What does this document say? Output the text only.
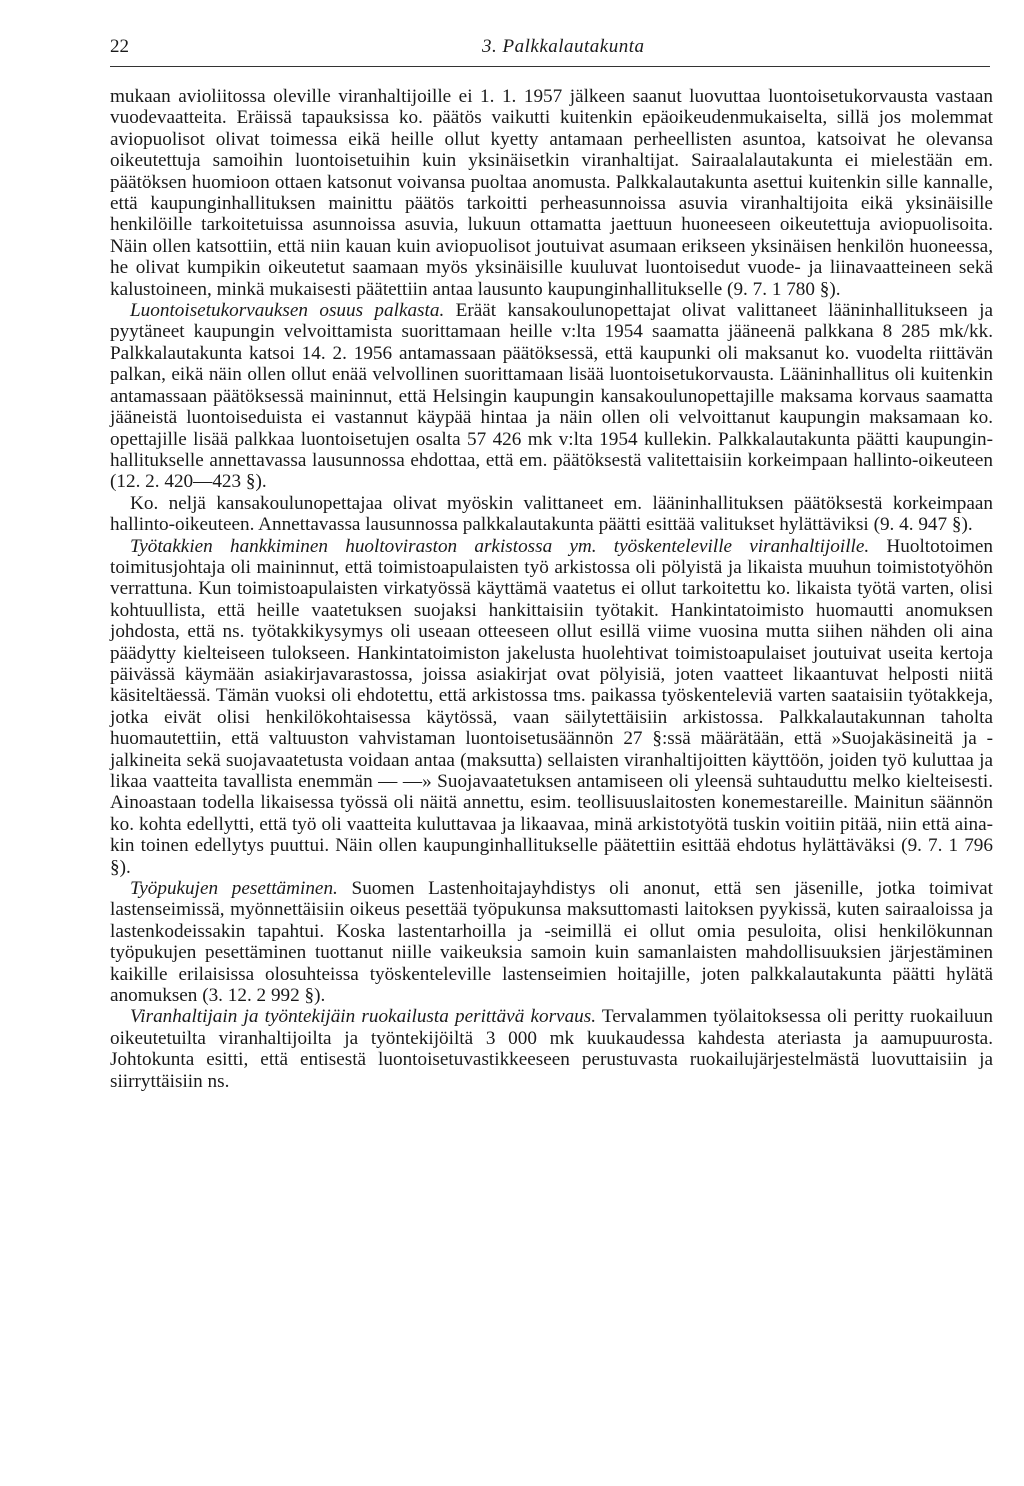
22	3. Palkkalautakunta

mukaan avioliitossa oleville viranhaltijoille ei 1. 1. 1957 jälkeen saanut luovuttaa luontoisetukorvausta vastaan vuodevaatteita. Eräissä tapauksissa ko. päätös vaikutti kuitenkin epäoikeudenmukaiselta, sillä jos molemmat aviopuolisot olivat toimessa eikä heille ollut kyetty antamaan perheellisten asuntoa, katsoivat he olevansa oikeutettuja samoihin luontoisetuihin kuin yksinäisetkin viranhaltijat. Sairaalalautakunta ei mielestään em. päätöksen huomioon ottaen katsonut voivansa puoltaa anomusta. Palkkalautakunta asettui kuitenkin sille kannalle, että kaupunginhallituksen mainittu päätös tarkoitti perheasunnoissa asuvia viranhaltijoita eikä yksinäisille henkilöille tarkoitetuissa asunnoissa asuvia, lukuun ottamatta jaettuun huoneeseen oikeutettuja aviopuolisoita. Näin ollen katsottiin, että niin kauan kuin aviopuolisot joutuivat asumaan erikseen yksinäisen henkilön huoneessa, he olivat kumpikin oikeutetut saamaan myös yksinäisille kuuluvat luontoisedut vuode- ja liinavaatteineen sekä kalustoineen, minkä mukaisesti päätettiin antaa lausunto kaupunginhallitukselle (9. 7. 1 780 §).

Luontoisetukorvauksen osuus palkasta. Eräät kansakoulunopettajat olivat valittaneet lääninhallitukseen ja pyytäneet kaupungin velvoittamista suorittamaan heille v:lta 1954 saamatta jääneenä palkkana 8 285 mk/kk. Palkkalautakunta katsoi 14. 2. 1956 antamassaan päätöksessä, että kaupunki oli maksanut ko. vuodelta riittävän palkan, eikä näin ollen ollut enää velvollinen suorittamaan lisää luontoisetukorvausta. Lääninhallitus oli kuitenkin antamassaan päätöksessä maininnut, että Helsingin kaupungin kansakoulunopettajille maksama korvaus saamatta jääneistä luontoiseduista ei vastannut käypää hintaa ja näin ollen oli velvoittanut kaupungin maksamaan ko. opettajille lisää palkkaa luontoisetujen osalta 57 426 mk v:lta 1954 kullekin. Palkkalautakunta päätti kaupunginhallitukselle annettavassa lausunnossa ehdottaa, että em. päätöksestä valitettaisiin korkeimpaan hallinto-oikeuteen (12. 2. 420—423 §).

Ko. neljä kansakoulunopettajaa olivat myöskin valittaneet em. lääninhallituksen päätöksestä korkeimpaan hallinto-oikeuteen. Annettavassa lausunnossa palkkalautakunta päätti esittää valitukset hylättäviksi (9. 4. 947 §).

Työtakkien hankkiminen huoltoviraston arkistossa ym. työskenteleville viranhaltijoille. Huoltotoimen toimitusjohtaja oli maininnut, että toimistoapulaisten työ arkistossa oli pölyistä ja likaista muuhun toimistotyöhön verrattuna. Kun toimistoapulaisten virkatyössä käyttämä vaatetus ei ollut tarkoitettu ko. likaista työtä varten, olisi kohtuullista, että heille vaatetuksen suojaksi hankittaisiin työtakit. Hankintatoimisto huomautti anomuksen johdosta, että ns. työtakkikysymys oli useaan otteeseen ollut esillä viime vuosina mutta siihen nähden oli aina päädytty kielteiseen tulokseen. Hankintatoimiston jakelusta huolehtivat toimistoapulaiset joutuivat useita kertoja päivässä käymään asiakirjavarastossa, joissa asiakirjat ovat pölyisiä, joten vaatteet likaantuvat helposti niitä käsiteltäessä. Tämän vuoksi oli ehdotettu, että arkistossa tms. paikassa työskenteleviä varten saataisiin työtakkeja, jotka eivät olisi henkilökohtaisessa käytössä, vaan säilytettäisiin arkistossa. Palkkalautakunnan taholta huomautettiin, että valtuuston vahvistaman luontoisetusäännön 27 §:ssä määrätään, että »Suojakäsineitä ja -jalkineita sekä suojavaatetusta voidaan antaa (maksutta) sellaisten viranhaltijoitten käyttöön, joiden työ kuluttaa ja likaa vaatteita tavallista enemmän — —» Suojavaatetuksen antamiseen oli yleensä suhtauduttu melko kielteisesti. Ainoastaan todella likaisessa työssä oli näitä annettu, esim. teollisuuslaitosten konemestareille. Mainitun säännön ko. kohta edellytti, että työ oli vaatteita kuluttavaa ja likaavaa, minä arkistotyötä tuskin voitiin pitää, niin että ainakin toinen edellytys puuttui. Näin ollen kaupunginhallitukselle päätettiin esittää ehdotus hylättäväksi (9. 7. 1 796 §).

Työpukujen pesettäminen. Suomen Lastenhoitajayhdistys oli anonut, että sen jäsenille, jotka toimivat lastenseimissä, myönnettäisiin oikeus pesettää työpukunsa maksuttomasti laitoksen pyykissä, kuten sairaaloissa ja lastenkodeissakin tapahtui. Koska lastentarhoilla ja -seimillä ei ollut omia pesuloita, olisi henkilökunnan työpukujen pesettäminen tuottanut niille vaikeuksia samoin kuin samanlaisten mahdollisuuksien järjestäminen kaikille erilaisissa olosuhteissa työskenteleville lastenseimien hoitajille, joten palkkalautakunta päätti hylätä anomuksen (3. 12. 2 992 §).

Viranhaltijain ja työntekijäin ruokailusta perittävä korvaus. Tervalammen työlaitoksessa oli peritty ruokailuun oikeutetuilta viranhaltijoilta ja työntekijöiltä 3 000 mk kuukaudessa kahdesta ateriasta ja aamupuurosta. Johtokunta esitti, että entisestä luontoisetuvastikkeeseen perustuvasta ruokailujärjestelmästä luovuttaisiin ja siirryttäisiin ns.
